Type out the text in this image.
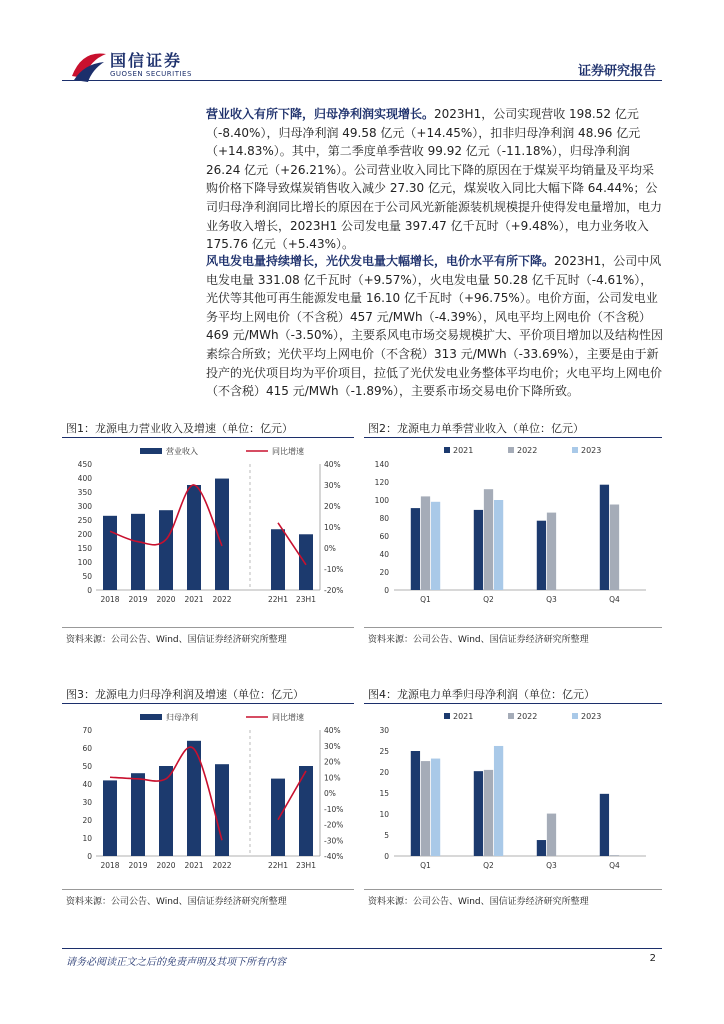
国信证券
GUOSEN SECURITIES	证券研究报告

营业收入有所下降，归母净利润实现增长。2023H1，公司实现营收 198.52 亿元（-8.40%），归母净利润 49.58 亿元（+14.45%），扣非归母净利润 48.96 亿元（+14.83%）。其中，第二季度单季营收 99.92 亿元（-11.18%），归母净利润 26.24 亿元（+26.21%）。公司营业收入同比下降的原因在于煤炭平均销量及平均采购价格下降导致煤炭销售收入减少 27.30 亿元，煤炭收入同比大幅下降 64.44%；公司归母净利润同比增长的原因在于公司风光新能源装机规模提升使得发电量增加，电力业务收入增长，2023H1 公司发电量 397.47 亿千瓦时（+9.48%），电力业务收入 175.76 亿元（+5.43%）。

风电发电量持续增长，光伏发电量大幅增长，电价水平有所下降。2023H1，公司中风电发电量 331.08 亿千瓦时（+9.57%），火电发电量 50.28 亿千瓦时（-4.61%），光伏等其他可再生能源发电量 16.10 亿千瓦时（+96.75%）。电价方面，公司发电业务平均上网电价（不含税）457 元/MWh（-4.39%），风电平均上网电价（不含税）469 元/MWh（-3.50%），主要系风电市场交易规模扩大、平价项目增加以及结构性因素综合所致；光伏平均上网电价（不含税）313 元/MWh（-33.69%），主要是由于新投产的光伏项目均为平价项目，拉低了光伏发电业务整体平均电价；火电平均上网电价（不含税）415 元/MWh（-1.89%），主要系市场交易电价下降所致。

图1：龙源电力营业收入及增速（单位：亿元）	图2：龙源电力单季营业收入（单位：亿元）
营业收入	同比增速
0
50
100
150
200
250
300
350
400
450
-20%
-10%
0%
10%
20%
30%
40%
2018 2019 2020 2021 2022	22H1 23H1
2021	2022	2023
0
20
40
60
80
100
120
140
Q1	Q2	Q3	Q4
资料来源：公司公告、Wind、国信证券经济研究所整理	资料来源：公司公告、Wind、国信证券经济研究所整理
图3：龙源电力归母净利润及增速（单位：亿元）	图4：龙源电力单季归母净利润（单位：亿元）
归母净利	同比增速
0
10
20
30
40
50
60
70
-40%
-30%
-20%
-10%
0%
10%
20%
30%
40%
2018 2019 2020 2021 2022	22H1 23H1
2021	2022	2023
0
5
10
15
20
25
30
Q1	Q2	Q3	Q4
资料来源：公司公告、Wind、国信证券经济研究所整理	资料来源：公司公告、Wind、国信证券经济研究所整理
请务必阅读正文之后的免责声明及其项下所有内容	2
